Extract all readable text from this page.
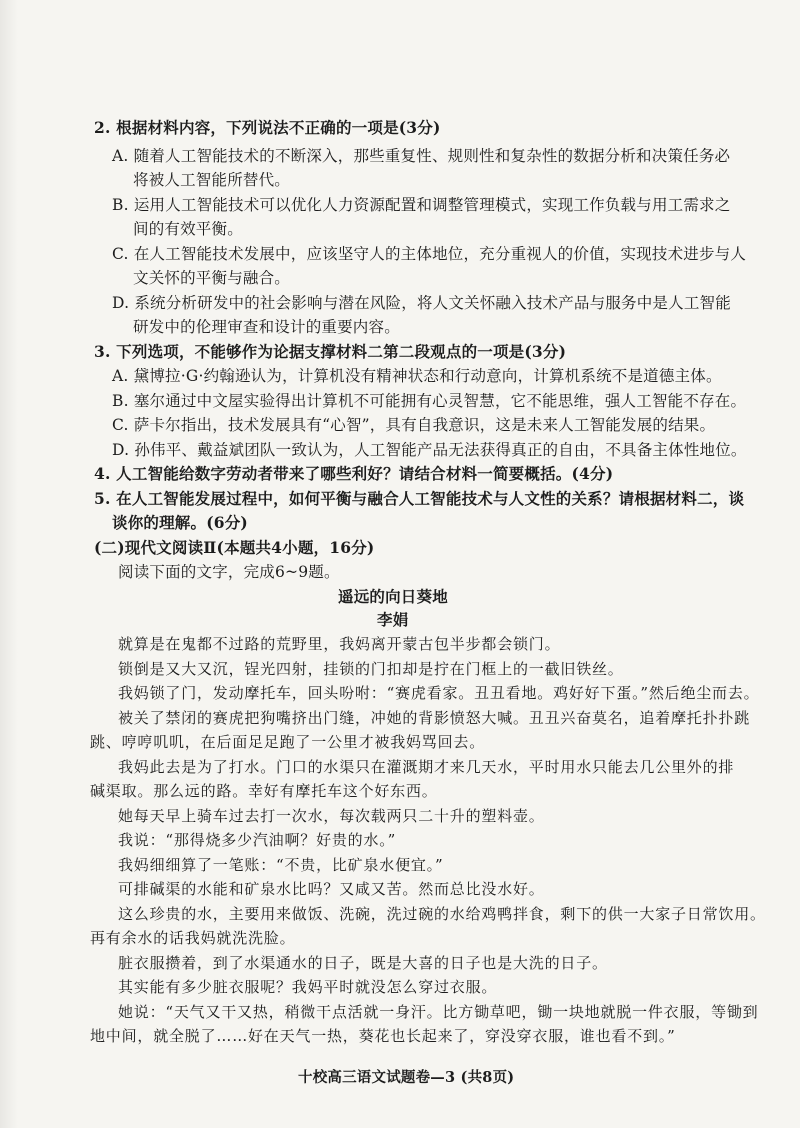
2. 根据材料内容，下列说法不正确的一项是(3分)
A. 随着人工智能技术的不断深入，那些重复性、规则性和复杂性的数据分析和决策任务必
将被人工智能所替代。
B. 运用人工智能技术可以优化人力资源配置和调整管理模式，实现工作负载与用工需求之
间的有效平衡。
C. 在人工智能技术发展中，应该坚守人的主体地位，充分重视人的价值，实现技术进步与人
文关怀的平衡与融合。
D. 系统分析研发中的社会影响与潜在风险，将人文关怀融入技术产品与服务中是人工智能
研发中的伦理审查和设计的重要内容。
3. 下列选项，不能够作为论据支撑材料二第二段观点的一项是(3分)
A. 黛博拉·G·约翰逊认为，计算机没有精神状态和行动意向，计算机系统不是道德主体。
B. 塞尔通过中文屋实验得出计算机不可能拥有心灵智慧，它不能思维，强人工智能不存在。
C. 萨卡尔指出，技术发展具有“心智”，具有自我意识，这是未来人工智能发展的结果。
D. 孙伟平、戴益斌团队一致认为，人工智能产品无法获得真正的自由，不具备主体性地位。
4. 人工智能给数字劳动者带来了哪些利好？请结合材料一简要概括。(4分)
5. 在人工智能发展过程中，如何平衡与融合人工智能技术与人文性的关系？请根据材料二，谈
谈你的理解。(6分)
(二)现代文阅读Ⅱ(本题共4小题，16分)
阅读下面的文字，完成6~9题。
遥远的向日葵地
李娟
就算是在鬼都不过路的荒野里，我妈离开蒙古包半步都会锁门。
锁倒是又大又沉，锃光四射，挂锁的门扣却是拧在门框上的一截旧铁丝。
我妈锁了门，发动摩托车，回头吩咐：“赛虎看家。丑丑看地。鸡好好下蛋。”然后绝尘而去。
被关了禁闭的赛虎把狗嘴挤出门缝，冲她的背影愤怒大喊。丑丑兴奋莫名，追着摩托扑扑跳
跳、哼哼叽叽，在后面足足跑了一公里才被我妈骂回去。
我妈此去是为了打水。门口的水渠只在灌溉期才来几天水，平时用水只能去几公里外的排
碱渠取。那么远的路。幸好有摩托车这个好东西。
她每天早上骑车过去打一次水，每次载两只二十升的塑料壶。
我说：“那得烧多少汽油啊？好贵的水。”
我妈细细算了一笔账：“不贵，比矿泉水便宜。”
可排碱渠的水能和矿泉水比吗？又咸又苦。然而总比没水好。
这么珍贵的水，主要用来做饭、洗碗，洗过碗的水给鸡鸭拌食，剩下的供一大家子日常饮用。
再有余水的话我妈就洗洗脸。
脏衣服攒着，到了水渠通水的日子，既是大喜的日子也是大洗的日子。
其实能有多少脏衣服呢？我妈平时就没怎么穿过衣服。
她说：“天气又干又热，稍微干点活就一身汗。比方锄草吧，锄一块地就脱一件衣服，等锄到
地中间，就全脱了……好在天气一热，葵花也长起来了，穿没穿衣服，谁也看不到。”
十校高三语文试题卷—3 (共8页)
